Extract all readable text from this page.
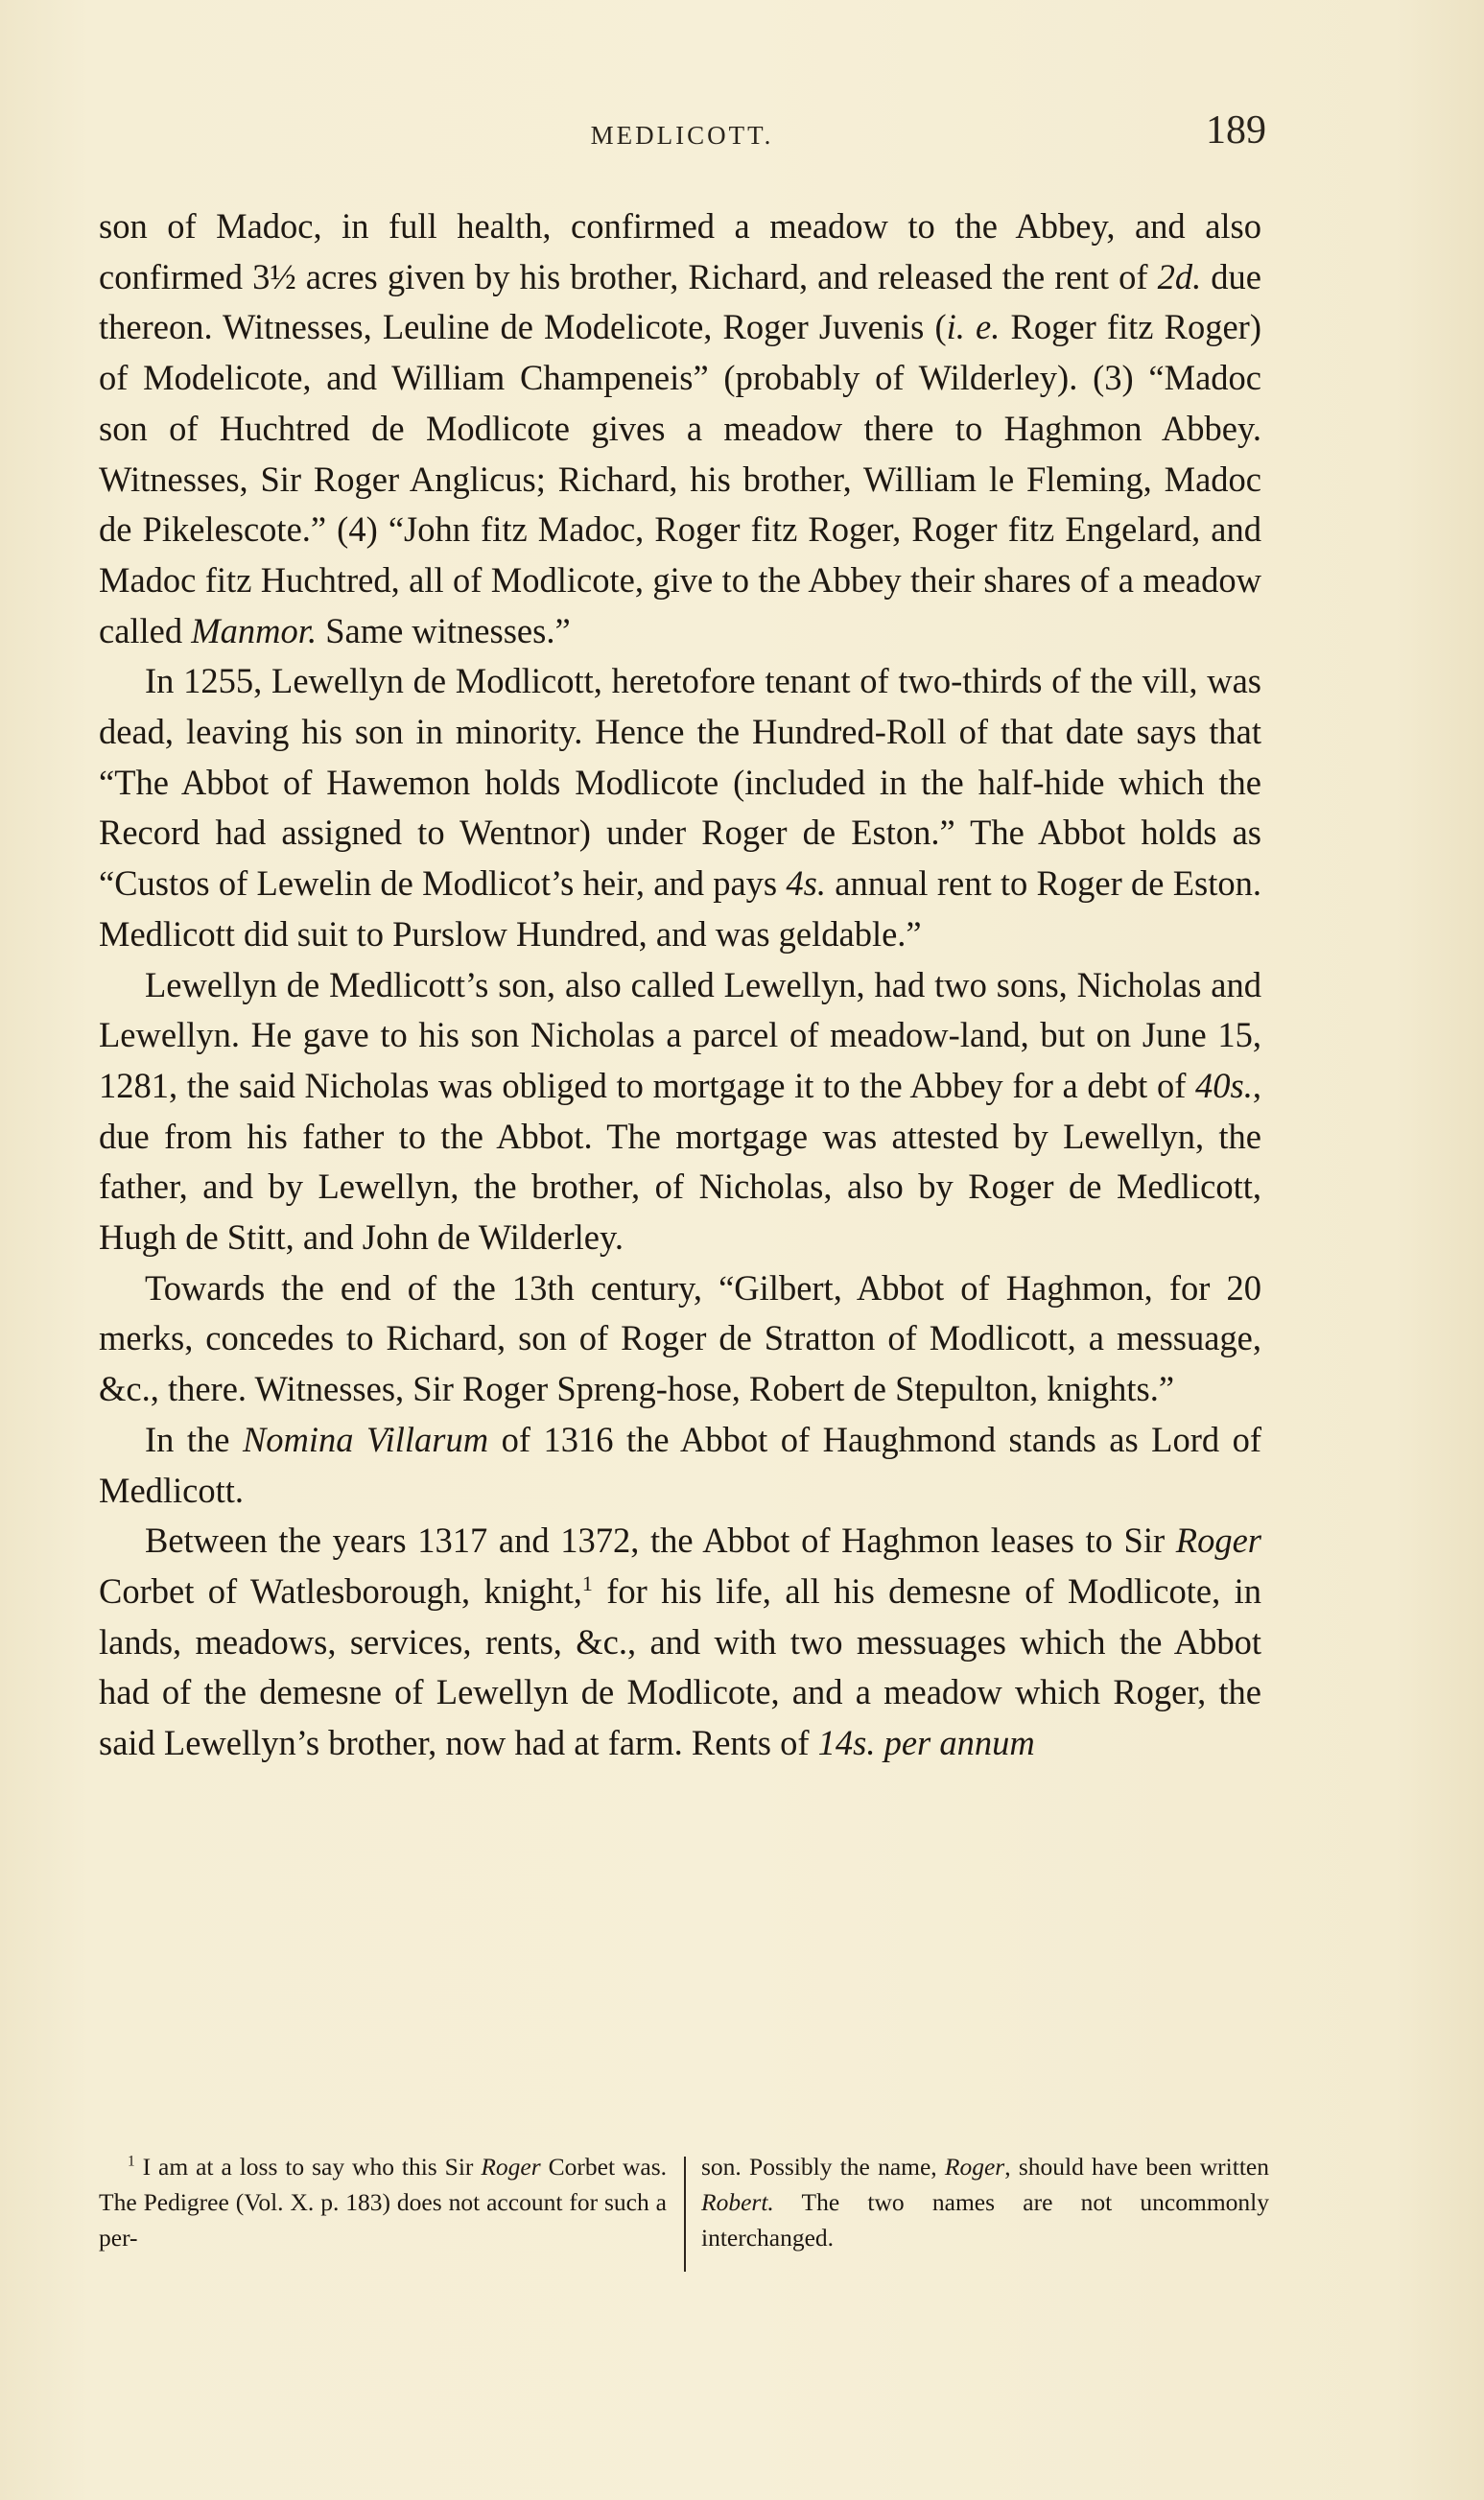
MEDLICOTT.	189

son of Madoc, in full health, confirmed a meadow to the Abbey, and also confirmed 3½ acres given by his brother, Richard, and released the rent of 2d. due thereon. Witnesses, Leuline de Modelicote, Roger Juvenis (i. e. Roger fitz Roger) of Modelicote, and William Champeneis” (probably of Wilderley). (3) “Madoc son of Huchtred de Modlicote gives a meadow there to Haghmon Abbey. Witnesses, Sir Roger Anglicus; Richard, his brother, William le Fleming, Madoc de Pikelescote.” (4) “John fitz Madoc, Roger fitz Roger, Roger fitz Engelard, and Madoc fitz Huchtred, all of Modlicote, give to the Abbey their shares of a meadow called Manmor. Same witnesses.”

In 1255, Lewellyn de Modlicott, heretofore tenant of two-thirds of the vill, was dead, leaving his son in minority. Hence the Hundred-Roll of that date says that “The Abbot of Hawemon holds Modlicote (included in the half-hide which the Record had assigned to Wentnor) under Roger de Eston.” The Abbot holds as “Custos of Lewelin de Modlicot’s heir, and pays 4s. annual rent to Roger de Eston. Medlicott did suit to Purslow Hundred, and was geldable.”

Lewellyn de Medlicott’s son, also called Lewellyn, had two sons, Nicholas and Lewellyn. He gave to his son Nicholas a parcel of meadow-land, but on June 15, 1281, the said Nicholas was obliged to mortgage it to the Abbey for a debt of 40s., due from his father to the Abbot. The mortgage was attested by Lewellyn, the father, and by Lewellyn, the brother, of Nicholas, also by Roger de Medlicott, Hugh de Stitt, and John de Wilderley.

Towards the end of the 13th century, “Gilbert, Abbot of Haghmon, for 20 merks, concedes to Richard, son of Roger de Stratton of Modlicott, a messuage, &c., there. Witnesses, Sir Roger Spreng-hose, Robert de Stepulton, knights.”

In the Nomina Villarum of 1316 the Abbot of Haughmond stands as Lord of Medlicott.

Between the years 1317 and 1372, the Abbot of Haghmon leases to Sir Roger Corbet of Watlesborough, knight,$^1$ for his life, all his demesne of Modlicote, in lands, meadows, services, rents, &c., and with two messuages which the Abbot had of the demesne of Lewellyn de Modlicote, and a meadow which Roger, the said Lewellyn’s brother, now had at farm. Rents of 14s. per annum

$^1$ I am at a loss to say who this Sir Roger Corbet was. The Pedigree (Vol. X. p. 183) does not account for such a per-

son. Possibly the name, Roger, should have been written Robert. The two names are not uncommonly interchanged.
